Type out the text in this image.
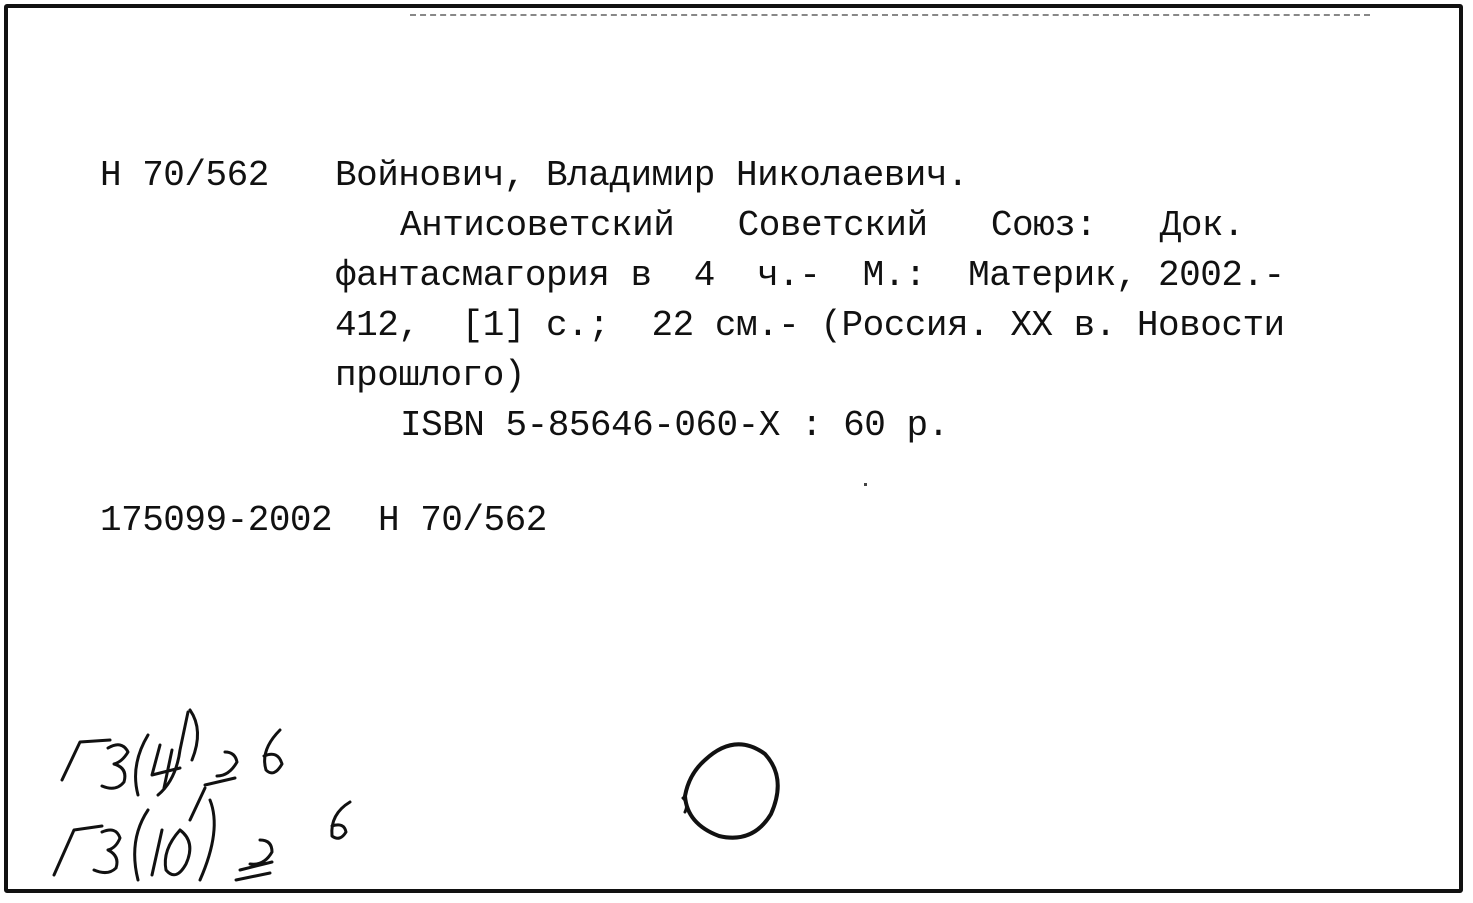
Н 70/562 Войнович, Владимир Николаевич.
Антисоветский   Советский   Союз:   Док.
фантасмагория в  4  ч.-  М.:  Материк, 2002.-
412,  [1] с.;  22 см.- (Россия. XX в. Новости
прошлого)
ISBN 5-85646-060-X : 60 р.
175099-2002 Н 70/562
